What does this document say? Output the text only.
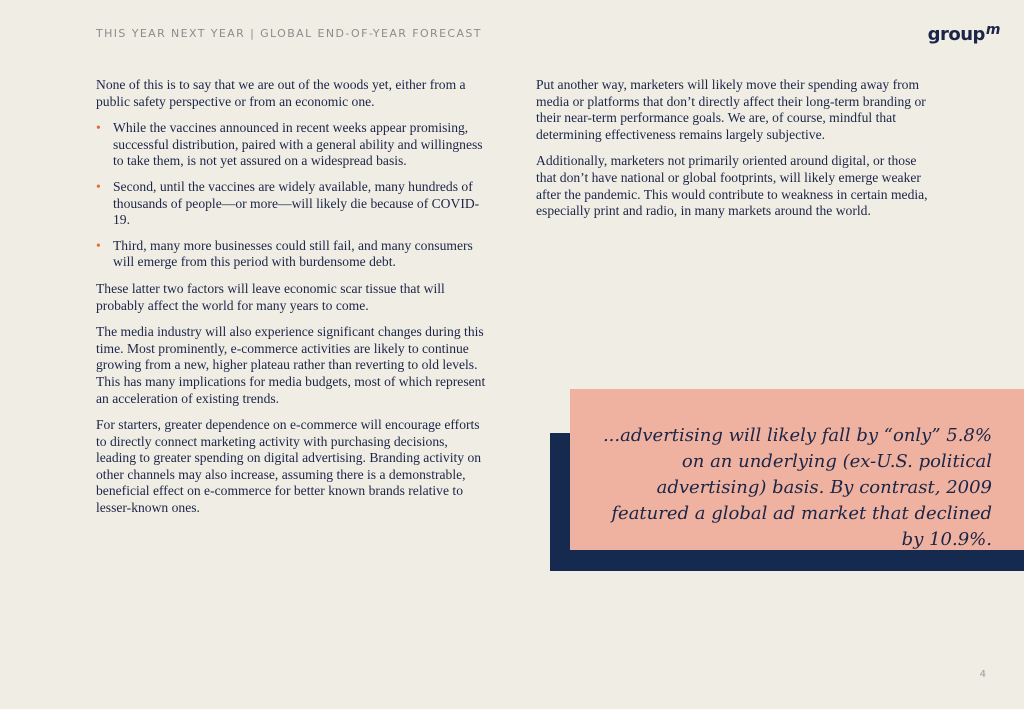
THIS YEAR NEXT YEAR | GLOBAL END-OF-YEAR FORECAST	group$^m$

None of this is to say that we are out of the woods yet, either from a public safety perspective or from an economic one.

• While the vaccines announced in recent weeks appear promising, successful distribution, paired with a general ability and willingness to take them, is not yet assured on a widespread basis.
• Second, until the vaccines are widely available, many hundreds of thousands of people—or more—will likely die because of COVID-19.
• Third, many more businesses could still fail, and many consumers will emerge from this period with burdensome debt.

These latter two factors will leave economic scar tissue that will probably affect the world for many years to come.

The media industry will also experience significant changes during this time. Most prominently, e-commerce activities are likely to continue growing from a new, higher plateau rather than reverting to old levels. This has many implications for media budgets, most of which represent an acceleration of existing trends.

For starters, greater dependence on e-commerce will encourage efforts to directly connect marketing activity with purchasing decisions, leading to greater spending on digital advertising. Branding activity on other channels may also increase, assuming there is a demonstrable, beneficial effect on e-commerce for better known brands relative to lesser-known ones.

Put another way, marketers will likely move their spending away from media or platforms that don’t directly affect their long-term branding or their near-term performance goals. We are, of course, mindful that determining effectiveness remains largely subjective.

Additionally, marketers not primarily oriented around digital, or those that don’t have national or global footprints, will likely emerge weaker after the pandemic. This would contribute to weakness in certain media, especially print and radio, in many markets around the world.

...advertising will likely fall by “only” 5.8% on an underlying (ex-U.S. political advertising) basis. By contrast, 2009 featured a global ad market that declined by 10.9%.
4
